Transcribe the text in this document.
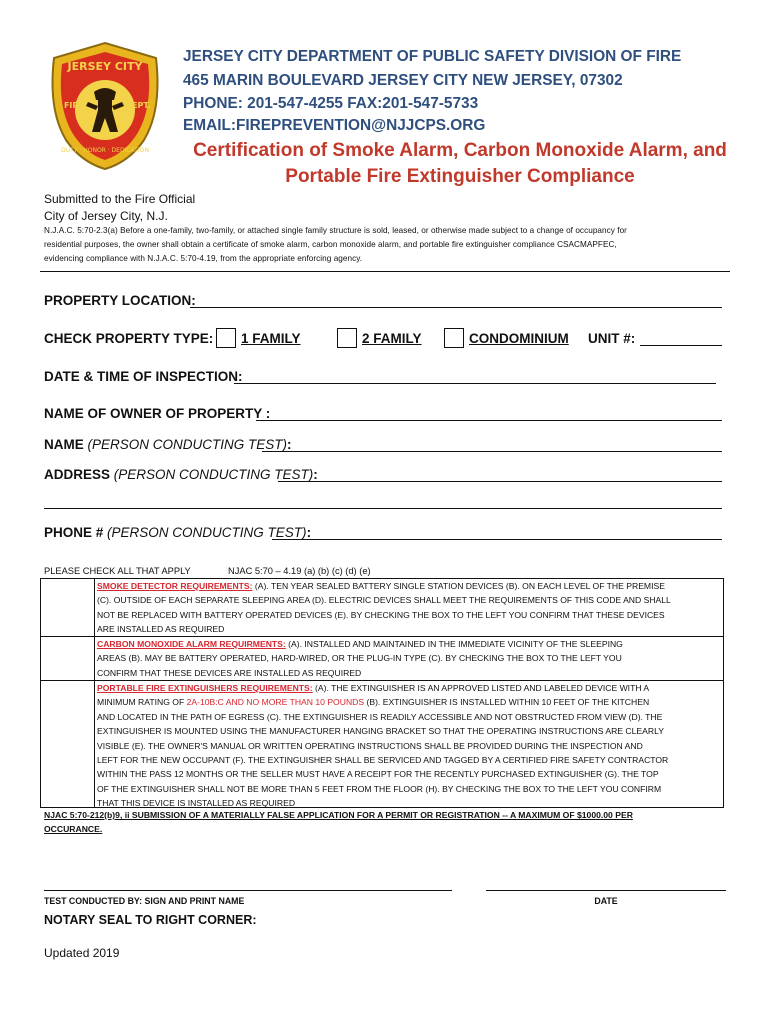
JERSEY CITY
FIRE	DEPT.
DUTY · HONOR · DEDICATION
JERSEY CITY DEPARTMENT OF PUBLIC SAFETY DIVISION OF FIRE
465 MARIN BOULEVARD JERSEY CITY NEW JERSEY, 07302
PHONE: 201-547-4255 FAX:201-547-5733
EMAIL:FIREPREVENTION@NJJCPS.ORG
Certification of Smoke Alarm, Carbon Monoxide Alarm, and
Portable Fire Extinguisher Compliance
Submitted to the Fire Official
City of Jersey City, N.J.
N.J.A.C. 5:70-2.3(a) Before a one-family, two-family, or attached single family structure is sold, leased, or otherwise made subject to a change of occupancy for
residential purposes, the owner shall obtain a certificate of smoke alarm, carbon monoxide alarm, and portable fire extinguisher compliance CSACMAPFEC,
evidencing compliance with N.J.A.C. 5:70-4.19, from the appropriate enforcing agency.
PROPERTY LOCATION:
CHECK PROPERTY TYPE: 1 FAMILY	2 FAMILY	CONDOMINIUM UNIT #:
DATE & TIME OF INSPECTION:
NAME OF OWNER OF PROPERTY :
NAME (PERSON CONDUCTING TEST):
ADDRESS (PERSON CONDUCTING TEST):
PHONE # (PERSON CONDUCTING TEST):
PLEASE CHECK ALL THAT APPLY	NJAC 5:70 – 4.19 (a) (b) (c) (d) (e)
SMOKE DETECTOR REQUIREMENTS: (A). TEN YEAR SEALED BATTERY SINGLE STATION DEVICES (B). ON EACH LEVEL OF THE PREMISE
(C). OUTSIDE OF EACH SEPARATE SLEEPING AREA (D). ELECTRIC DEVICES SHALL MEET THE REQUIREMENTS OF THIS CODE AND SHALL
NOT BE REPLACED WITH BATTERY OPERATED DEVICES (E). BY CHECKING THE BOX TO THE LEFT YOU CONFIRM THAT THESE DEVICES
ARE INSTALLED AS REQUIRED
CARBON MONOXIDE ALARM REQUIRMENTS: (A). INSTALLED AND MAINTAINED IN THE IMMEDIATE VICINITY OF THE SLEEPING
AREAS (B). MAY BE BATTERY OPERATED, HARD-WIRED, OR THE PLUG-IN TYPE (C). BY CHECKING THE BOX TO THE LEFT YOU
CONFIRM THAT THESE DEVICES ARE INSTALLED AS REQUIRED
PORTABLE FIRE EXTINGUISHERS REQUIREMENTS: (A). THE EXTINGUISHER IS AN APPROVED LISTED AND LABELED DEVICE WITH A
MINIMUM RATING OF 2A-10B:C AND NO MORE THAN 10 POUNDS (B). EXTINGUISHER IS INSTALLED WITHIN 10 FEET OF THE KITCHEN
AND LOCATED IN THE PATH OF EGRESS (C). THE EXTINGUISHER IS READILY ACCESSIBLE AND NOT OBSTRUCTED FROM VIEW (D). THE
EXTINGUISHER IS MOUNTED USING THE MANUFACTURER HANGING BRACKET SO THAT THE OPERATING INSTRUCTIONS ARE CLEARLY
VISIBLE (E). THE OWNER'S MANUAL OR WRITTEN OPERATING INSTRUCTIONS SHALL BE PROVIDED DURING THE INSPECTION AND
LEFT FOR THE NEW OCCUPANT (F). THE EXTINGUISHER SHALL BE SERVICED AND TAGGED BY A CERTIFIED FIRE SAFETY CONTRACTOR
WITHIN THE PASS 12 MONTHS OR THE SELLER MUST HAVE A RECEIPT FOR THE RECENTLY PURCHASED EXTINGUISHER (G). THE TOP
OF THE EXTINGUISHER SHALL NOT BE MORE THAN 5 FEET FROM THE FLOOR (H). BY CHECKING THE BOX TO THE LEFT YOU CONFIRM
THAT THIS DEVICE IS INSTALLED AS REQUIRED
NJAC 5:70-212(b)9, ii SUBMISSION OF A MATERIALLY FALSE APPLICATION FOR A PERMIT OR REGISTRATION -- A MAXIMUM OF $1000.00 PER
OCCURANCE.
TEST CONDUCTED BY: SIGN AND PRINT NAME	DATE
NOTARY SEAL TO RIGHT CORNER:
Updated 2019
